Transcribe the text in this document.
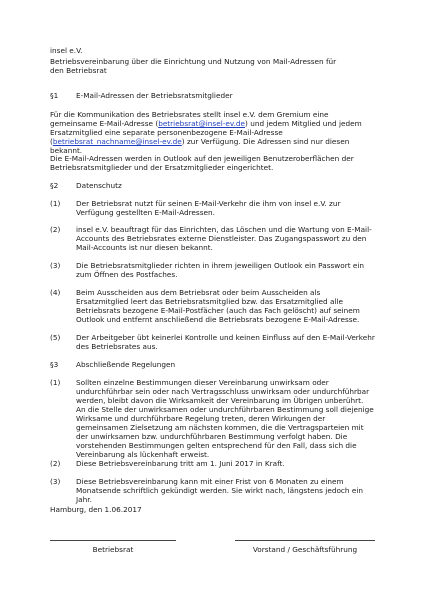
insel e.V.
Betriebsvereinbarung über die Einrichtung und Nutzung von Mail-Adressen für
den Betriebsrat
§1	E-Mail-Adressen der Betriebsratsmitglieder
Für die Kommunikation des Betriebsrates stellt insel e.V. dem Gremium eine gemeinsame E-Mail-Adresse (betriebsrat@insel-ev.de) und jedem Mitglied und jedem Ersatzmitglied eine separate personenbezogene E-Mail-Adresse (betriebsrat_nachname@insel-ev.de) zur Verfügung. Die Adressen sind nur diesen bekannt.
Die E-Mail-Adressen werden in Outlook auf den jeweiligen Benutzeroberflächen der Betriebsratsmitglieder und der Ersatzmitglieder eingerichtet.
§2	Datenschutz
(1)	Der Betriebsrat nutzt für seinen E-Mail-Verkehr die ihm von insel e.V. zur Verfügung gestellten E-Mail-Adressen.
(2)	insel e.V. beauftragt für das Einrichten, das Löschen und die Wartung von E-Mail-Accounts des Betriebsrates externe Dienstleister. Das Zugangspasswort zu den Mail-Accounts ist nur diesen bekannt.
(3)	Die Betriebsratsmitglieder richten in ihrem jeweiligen Outlook ein Passwort ein zum Öffnen des Postfaches.
(4)	Beim Ausscheiden aus dem Betriebsrat oder beim Ausscheiden als Ersatzmitglied leert das Betriebsratsmitglied bzw. das Ersatzmitglied alle Betriebsrats bezogene E-Mail-Postfächer (auch das Fach gelöscht) auf seinem Outlook und entfernt anschließend die Betriebsrats bezogene E-Mail-Adresse.
(5)	Der Arbeitgeber übt keinerlei Kontrolle und keinen Einfluss auf den E-Mail-Verkehr des Betriebsrates aus.
§3	Abschließende Regelungen
(1)	Sollten einzelne Bestimmungen dieser Vereinbarung unwirksam oder undurchführbar sein oder nach Vertragsschluss unwirksam oder undurchführbar werden, bleibt davon die Wirksamkeit der Vereinbarung im Übrigen unberührt. An die Stelle der unwirksamen oder undurchführbaren Bestimmung soll diejenige Wirksame und durchführbare Regelung treten, deren Wirkungen der gemeinsamen Zielsetzung am nächsten kommen, die die Vertragsparteien mit der unwirksamen bzw. undurchführbaren Bestimmung verfolgt haben. Die vorstehenden Bestimmungen gelten entsprechend für den Fall, dass sich die Vereinbarung als lückenhaft erweist.
(2)	Diese Betriebsvereinbarung tritt am 1. Juni 2017 in Kraft.
(3)	Diese Betriebsvereinbarung kann mit einer Frist von 6 Monaten zu einem Monatsende schriftlich gekündigt werden. Sie wirkt nach, längstens jedoch ein Jahr.
Hamburg, den 1.06.2017
Betriebsrat	Vorstand / Geschäftsführung
